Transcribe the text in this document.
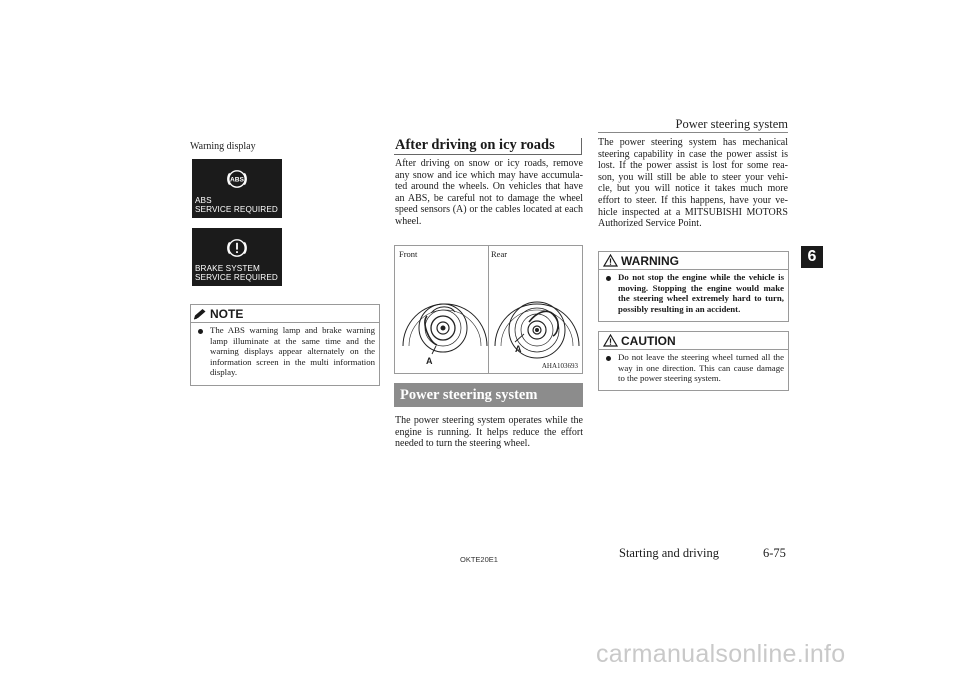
Power steering system
6
Warning display
ABS
ABS
SERVICE REQUIRED
BRAKE SYSTEM
SERVICE REQUIRED
NOTE
The ABS warning lamp and brake warning lamp illuminate at the same time and the warning displays appear alternately on the information screen in the multi information display.
After driving on icy roads
After driving on snow or icy roads, remove any snow and ice which may have accumula-ted around the wheels. On vehicles that have an ABS, be careful not to damage the wheel speed sensors (A) or the cables located at each wheel.
Front	Rear
A
A
AHA103693
Power steering system
The power steering system operates while the engine is running. It helps reduce the effort needed to turn the steering wheel.
The power steering system has mechanical steering capability in case the power assist is lost. If the power assist is lost for some rea-son, you will still be able to steer your vehi-cle, but you will notice it takes much more effort to steer. If this happens, have your ve-hicle inspected at a MITSUBISHI MOTORS Authorized Service Point.
WARNING
Do not stop the engine while the vehicle is moving. Stopping the engine would make the steering wheel extremely hard to turn, possibly resulting in an accident.
CAUTION
Do not leave the steering wheel turned all the way in one direction. This can cause damage to the power steering system.
OKTE20E1	Starting and driving	6-75
carmanualsonline.info
